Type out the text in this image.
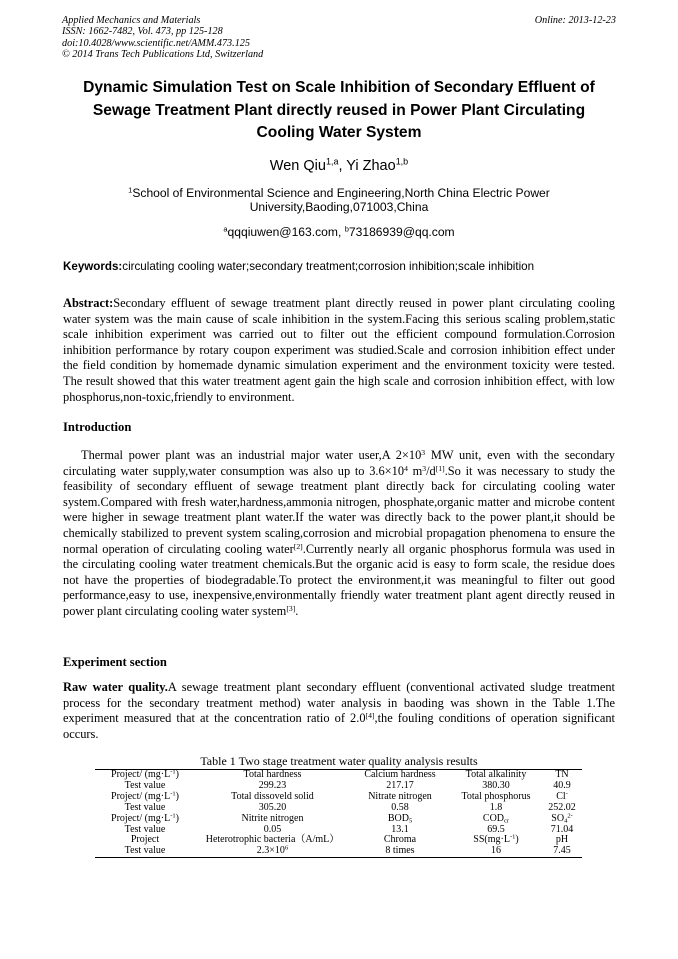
Applied Mechanics and Materials
ISSN: 1662-7482, Vol. 473, pp 125-128
doi:10.4028/www.scientific.net/AMM.473.125
© 2014 Trans Tech Publications Ltd, Switzerland
Online: 2013-12-23
Dynamic Simulation Test on Scale Inhibition of Secondary Effluent of
Sewage Treatment Plant directly reused in Power Plant Circulating
Cooling Water System
Wen Qiu$^{1,a}$, Yi Zhao$^{1,b}$
$^1$School of Environmental Science and Engineering,North China Electric Power
University,Baoding,071003,China
$^a$qqqiuwen@163.com, $^b$73186939@qq.com
Keywords:circulating cooling water;secondary treatment;corrosion inhibition;scale inhibition
Abstract:Secondary effluent of sewage treatment plant directly reused in power plant circulating cooling water system was the main cause of scale inhibition in the system.Facing this serious scaling problem,static scale inhibition experiment was carried out to filter out the efficient compound formulation.Corrosion inhibition performance by rotary coupon experiment was studied.Scale and corrosion inhibition effect under the field condition by homemade dynamic simulation experiment and the environment toxicity were tested. The result showed that this water treatment agent gain the high scale and corrosion inhibition effect, with low phosphorus,non-toxic,friendly to environment.
Introduction
Thermal power plant was an industrial major water user,A $2\times 10^3$ MW unit, even with the secondary circulating water supply,water consumption was also up to $3.6\times 10^4$ $m^3/d[1].So$ it was necessary to study the feasibility of secondary effluent of sewage treatment plant directly back for circulating cooling water system.Compared with fresh water,hardness,ammonia nitrogen, phosphate,organic matter and microbe content were higher in sewage treatment plant water.If the water was directly back to the power plant,it should be chemically stabilized to prevent system scaling,corrosion and microbial propagation phenomena to ensure the normal operation of circulating cooling water[2].Currently nearly all organic phosphorus formula was used in the circulating cooling water treatment chemicals.But the organic acid is easy to form scale, the residue does not have the properties of biodegradable.To protect the environment,it was meaningful to filter out good performance,easy to use, inexpensive,environmentally friendly water treatment plant agent directly reused in power plant circulating cooling water system[3].
Experiment section
Raw water quality.A sewage treatment plant secondary effluent (conventional activated sludge treatment process for the secondary treatment method) water analysis in baoding was shown in the Table 1.The experiment measured that at the concentration ratio of 2.0[4],the fouling conditions of operation significant occurs.
Table 1 Two stage treatment water quality analysis results
Project/ $(mg\cdot L^{-1})$	Total hardness	Calcium hardness	Total alkalinity	TN
Test value	299.23	217.17	380.30	40.9
Project/ $(mg\cdot L^{-1})$	Total dissoveld solid	Nitrate nitrogen	Total phosphorus	Cl-
Test value	305.20	0.58	1.8	252.02
Project/ $(mg\cdot L^{-1})$	Nitrite nitrogen	$BOD_5$	$COD_{cr}$	$SO_4^{2-}$
Test value	0.05	13.1	69.5	71.04
Project	Heterotrophic bacteria（A/mL）	Chroma	$SS(mg\cdot L^{-1})$	pH
Test value	$2.3\times 10^6$	8 times	16	7.45
